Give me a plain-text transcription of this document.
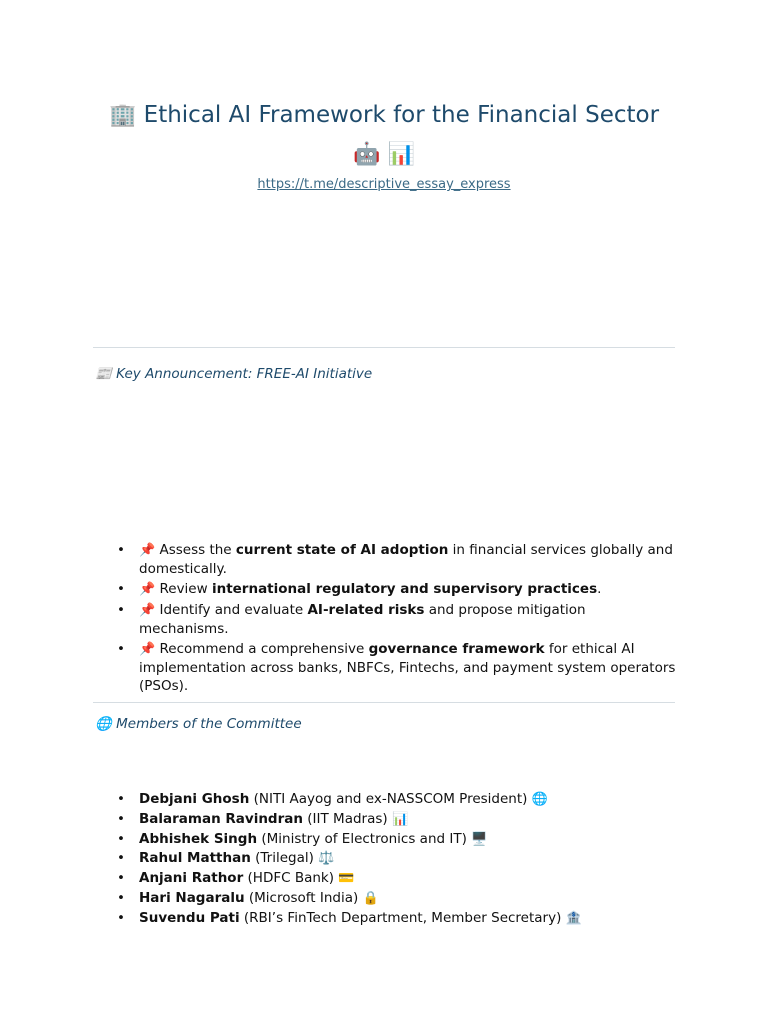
🏢 Ethical AI Framework for the Financial Sector
🤖 📊
https://t.me/descriptive_essay_express
📰 Key Announcement: FREE-AI Initiative
• 📌 Assess the current state of AI adoption in financial services globally and domestically.
• 📌 Review international regulatory and supervisory practices.
• 📌 Identify and evaluate AI-related risks and propose mitigation mechanisms.
• 📌 Recommend a comprehensive governance framework for ethical AI implementation across banks, NBFCs, Fintechs, and payment system operators (PSOs).
🌐 Members of the Committee
• Debjani Ghosh (NITI Aayog and ex-NASSCOM President) 🌐
• Balaraman Ravindran (IIT Madras) 📊
• Abhishek Singh (Ministry of Electronics and IT) 🖥️
• Rahul Matthan (Trilegal) ⚖️
• Anjani Rathor (HDFC Bank) 💳
• Hari Nagaralu (Microsoft India) 🔒
• Suvendu Pati (RBI’s FinTech Department, Member Secretary) 🏦
